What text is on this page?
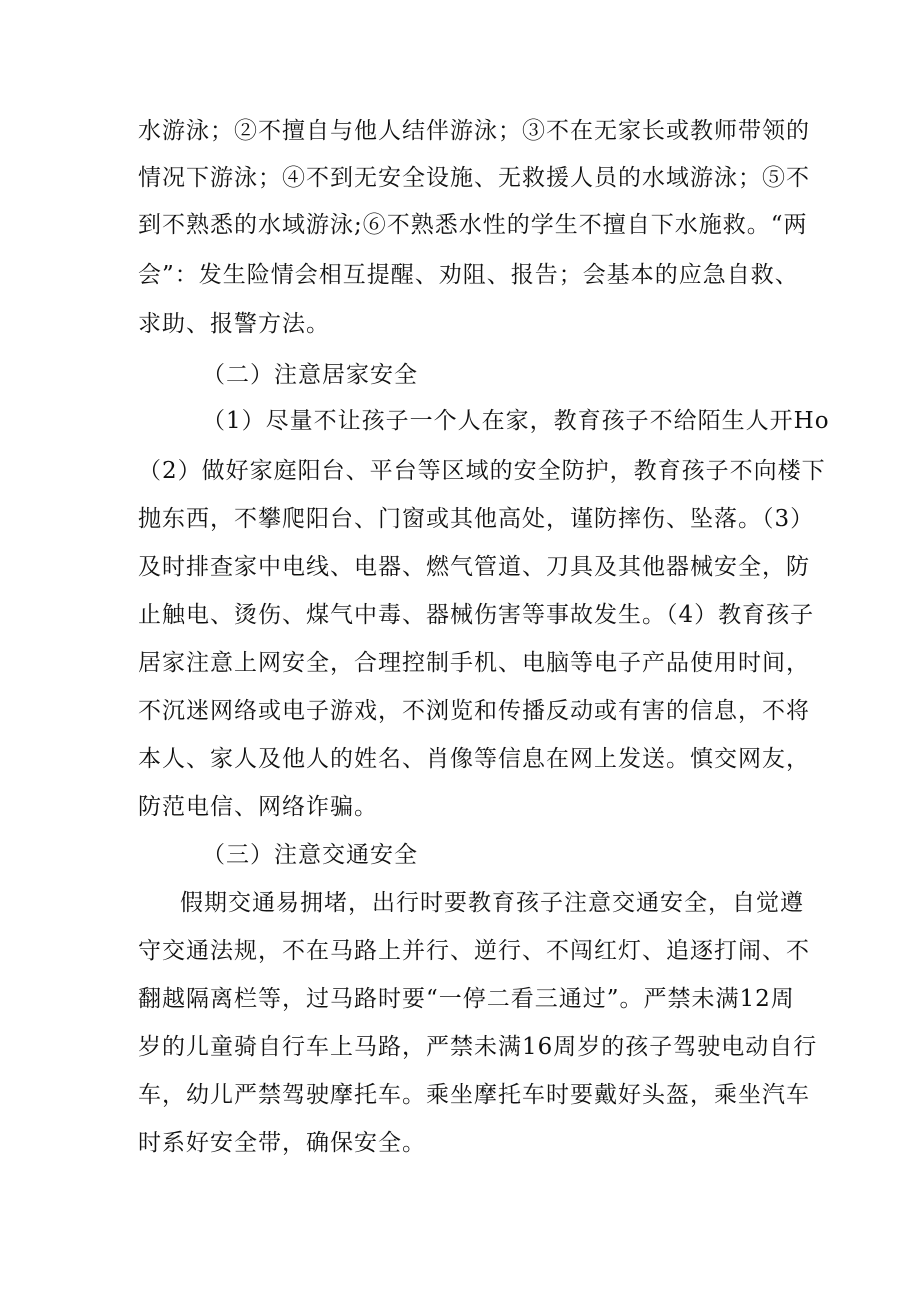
水游泳；②不擅自与他人结伴游泳；③不在无家长或教师带领的
情况下游泳；④不到无安全设施、无救援人员的水域游泳；⑤不
到不熟悉的水域游泳;⑥不熟悉水性的学生不擅自下水施救。“两
会”：发生险情会相互提醒、劝阻、报告；会基本的应急自救、
求助、报警方法。
（二）注意居家安全
（1）尽量不让孩子一个人在家，教育孩子不给陌生人开Ho
（2）做好家庭阳台、平台等区域的安全防护，教育孩子不向楼下
抛东西，不攀爬阳台、门窗或其他高处，谨防摔伤、坠落。（3）
及时排查家中电线、电器、燃气管道、刀具及其他器械安全，防
止触电、烫伤、煤气中毒、器械伤害等事故发生。（4）教育孩子
居家注意上网安全，合理控制手机、电脑等电子产品使用时间，
不沉迷网络或电子游戏，不浏览和传播反动或有害的信息，不将
本人、家人及他人的姓名、肖像等信息在网上发送。慎交网友，
防范电信、网络诈骗。
（三）注意交通安全
假期交通易拥堵，出行时要教育孩子注意交通安全，自觉遵
守交通法规，不在马路上并行、逆行、不闯红灯、追逐打闹、不
翻越隔离栏等，过马路时要“一停二看三通过”。严禁未满12周
岁的儿童骑自行车上马路，严禁未满16周岁的孩子驾驶电动自行
车，幼儿严禁驾驶摩托车。乘坐摩托车时要戴好头盔，乘坐汽车
时系好安全带，确保安全。
